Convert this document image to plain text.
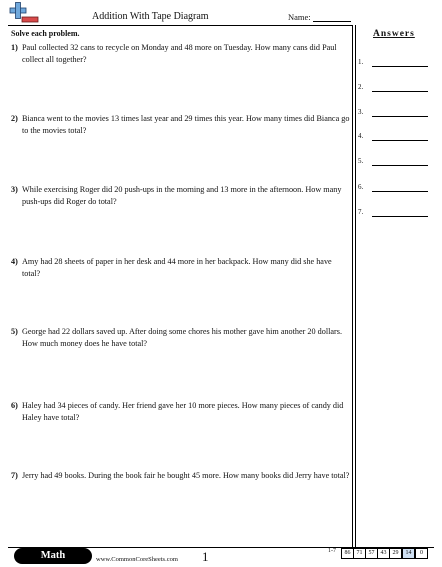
Addition With Tape Diagram	Name:
Solve each problem.
1) Paul collected 32 cans to recycle on Monday and 48 more on Tuesday. How many cans did Paul collect all together?
2) Bianca went to the movies 13 times last year and 29 times this year. How many times did Bianca go to the movies total?
3) While exercising Roger did 20 push-ups in the morning and 13 more in the afternoon. How many push-ups did Roger do total?
4) Amy had 28 sheets of paper in her desk and 44 more in her backpack. How many did she have total?
5) George had 22 dollars saved up. After doing some chores his mother gave him another 20 dollars. How much money does he have total?
6) Haley had 34 pieces of candy. Her friend gave her 10 more pieces. How many pieces of candy did Haley have total?
7) Jerry had 49 books. During the book fair he bought 45 more. How many books did Jerry have total?
Answers
1.
2.
3.
4.
5.
6.
7.
Math	www.CommonCoreSheets.com 1	1-7	86	71	57	43	29	14	0
